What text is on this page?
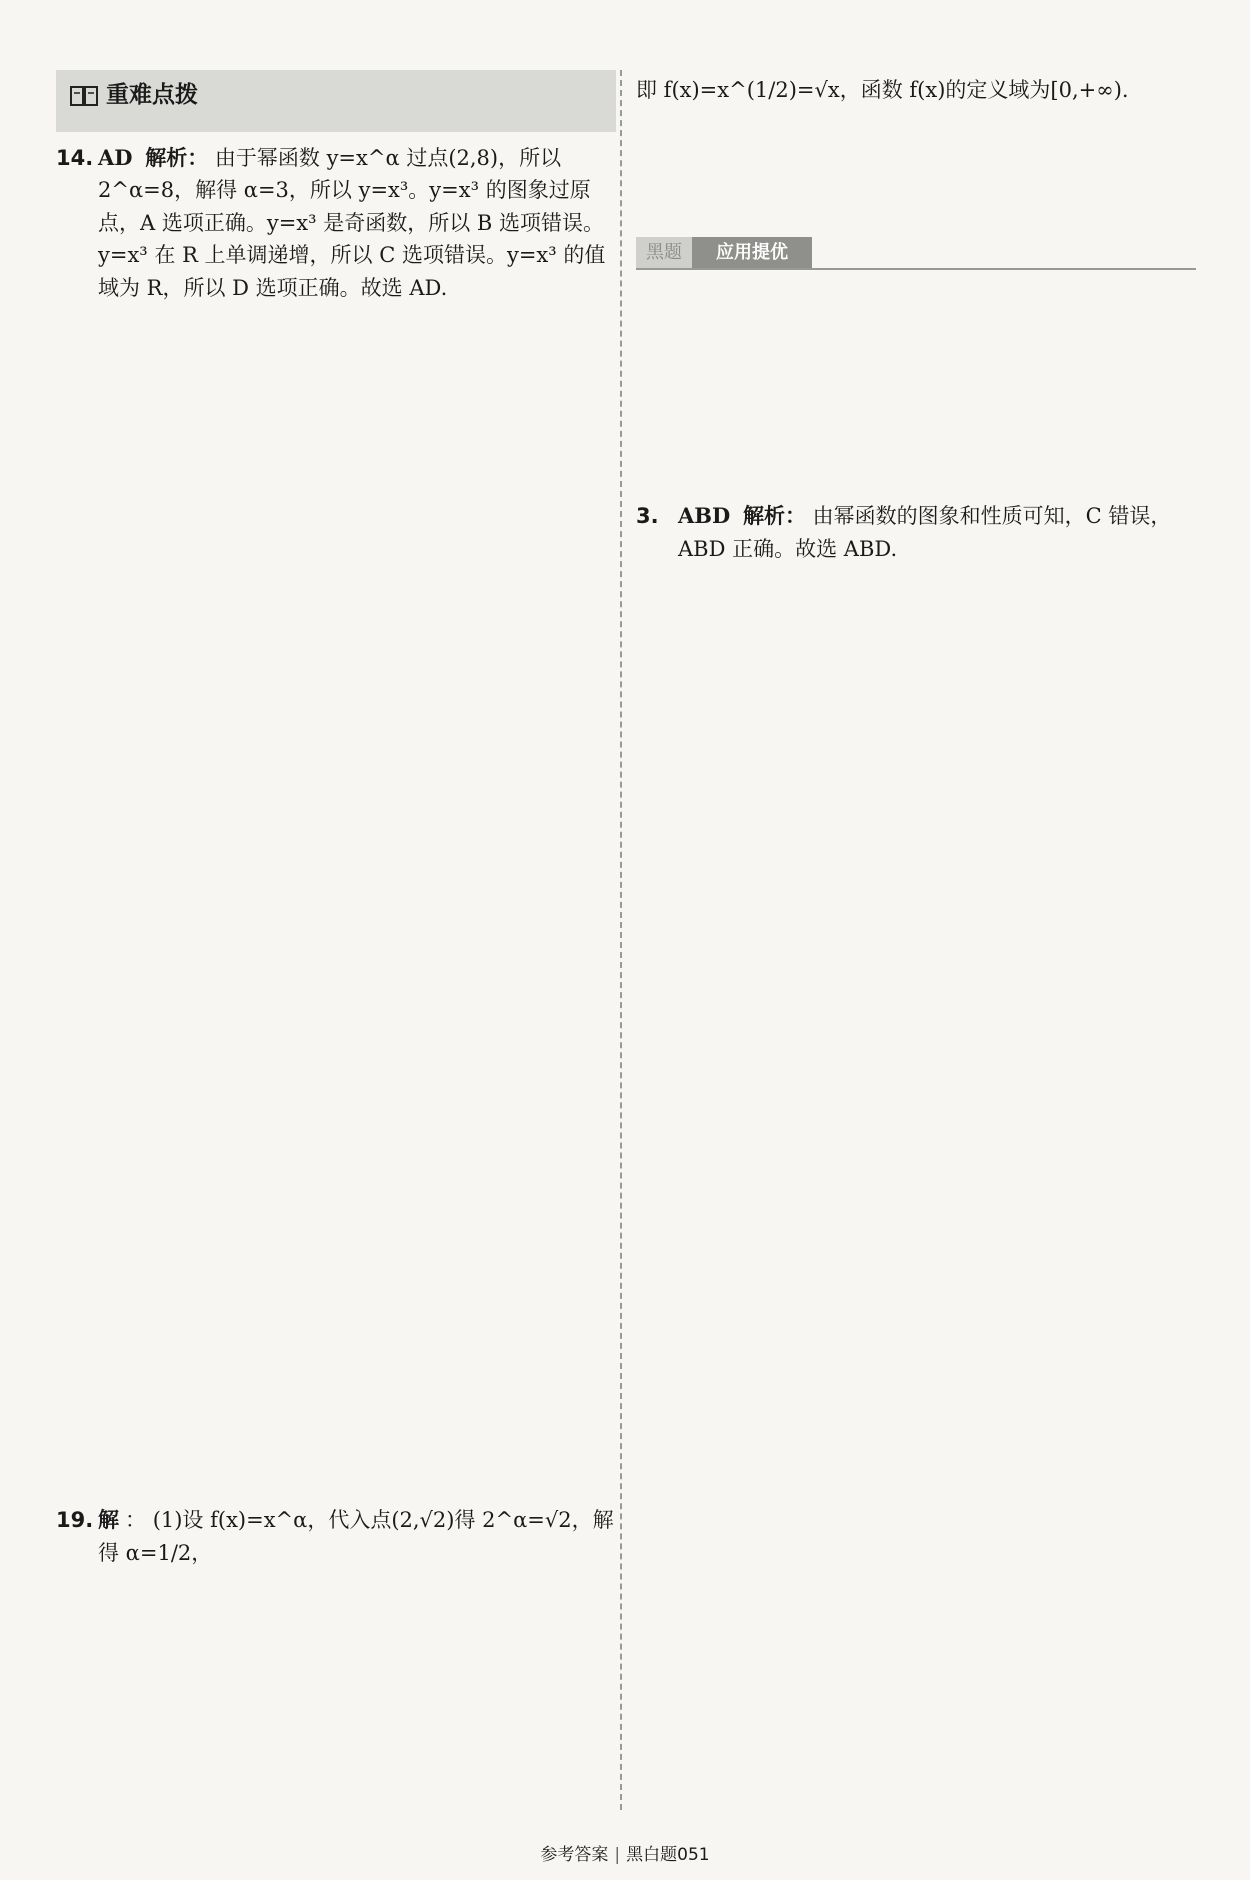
重难点拨
14. AD 解析： 由于幂函数 y=x^α 过点(2,8)，所以 2^α=8，解得 α=3，所以 y=x³。y=x³ 的图象过原点，A 选项正确。y=x³ 是奇函数，所以 B 选项错误。y=x³ 在 R 上单调递增，所以 C 选项错误。y=x³ 的值域为 R，所以 D 选项正确。故选 AD.
19. 解 ： (1)设 f(x)=x^α，代入点(2,√2)得 2^α=√2，解得 α=1/2，
即 f(x)=x^(1/2)=√x，函数 f(x)的定义域为[0,+∞).
黑题	应用提优
3. ABD 解析： 由幂函数的图象和性质可知，C 错误，ABD 正确。故选 ABD.
参考答案 | 黑白题051
